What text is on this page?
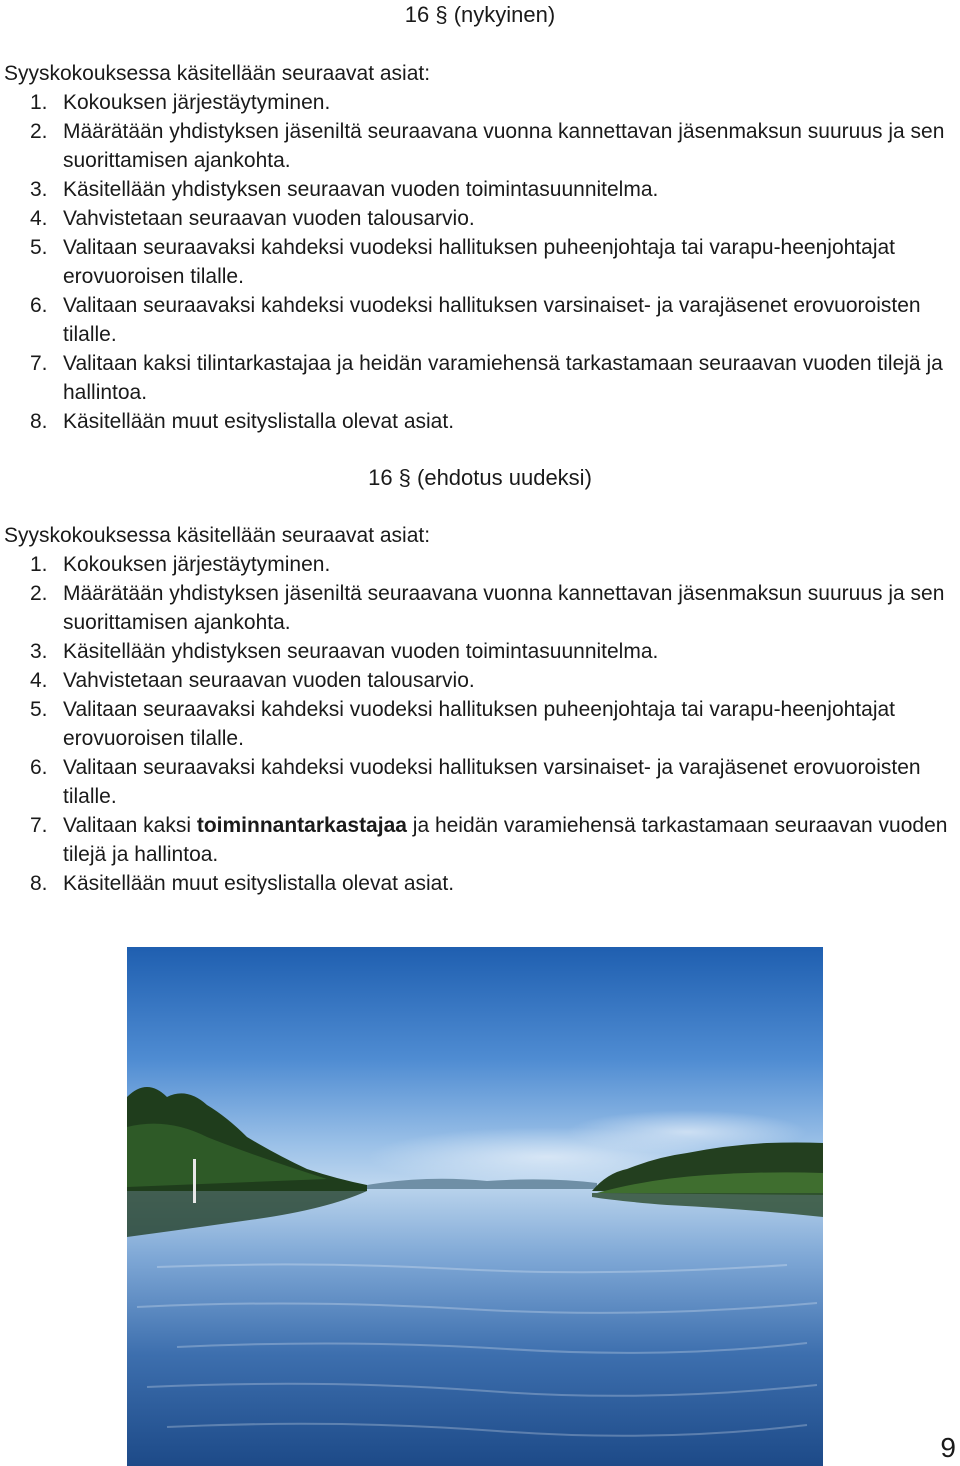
16 § (nykyinen)
Syyskokouksessa käsitellään seuraavat asiat:
1. Kokouksen järjestäytyminen.
2. Määrätään yhdistyksen jäseniltä seuraavana vuonna kannettavan jäsenmaksun suuruus ja sen suorittamisen ajankohta.
3. Käsitellään yhdistyksen seuraavan vuoden toimintasuunnitelma.
4. Vahvistetaan seuraavan vuoden talousarvio.
5. Valitaan seuraavaksi kahdeksi vuodeksi hallituksen puheenjohtaja tai varapu-heenjohtajat erovuoroisen tilalle.
6. Valitaan seuraavaksi kahdeksi vuodeksi hallituksen varsinaiset- ja varajäsenet erovuoroisten tilalle.
7. Valitaan kaksi tilintarkastajaa ja heidän varamiehensä tarkastamaan seuraavan vuoden tilejä ja hallintoa.
8. Käsitellään muut esityslistalla olevat asiat.
16 § (ehdotus uudeksi)
Syyskokouksessa käsitellään seuraavat asiat:
1. Kokouksen järjestäytyminen.
2. Määrätään yhdistyksen jäseniltä seuraavana vuonna kannettavan jäsenmaksun suuruus ja sen suorittamisen ajankohta.
3. Käsitellään yhdistyksen seuraavan vuoden toimintasuunnitelma.
4. Vahvistetaan seuraavan vuoden talousarvio.
5. Valitaan seuraavaksi kahdeksi vuodeksi hallituksen puheenjohtaja tai varapu-heenjohtajat erovuoroisen tilalle.
6. Valitaan seuraavaksi kahdeksi vuodeksi hallituksen varsinaiset- ja varajäsenet erovuoroisten tilalle.
7. Valitaan kaksi toiminnantarkastajaa ja heidän varamiehensä tarkastamaan seuraavan vuoden tilejä ja hallintoa.
8. Käsitellään muut esityslistalla olevat asiat.
9
